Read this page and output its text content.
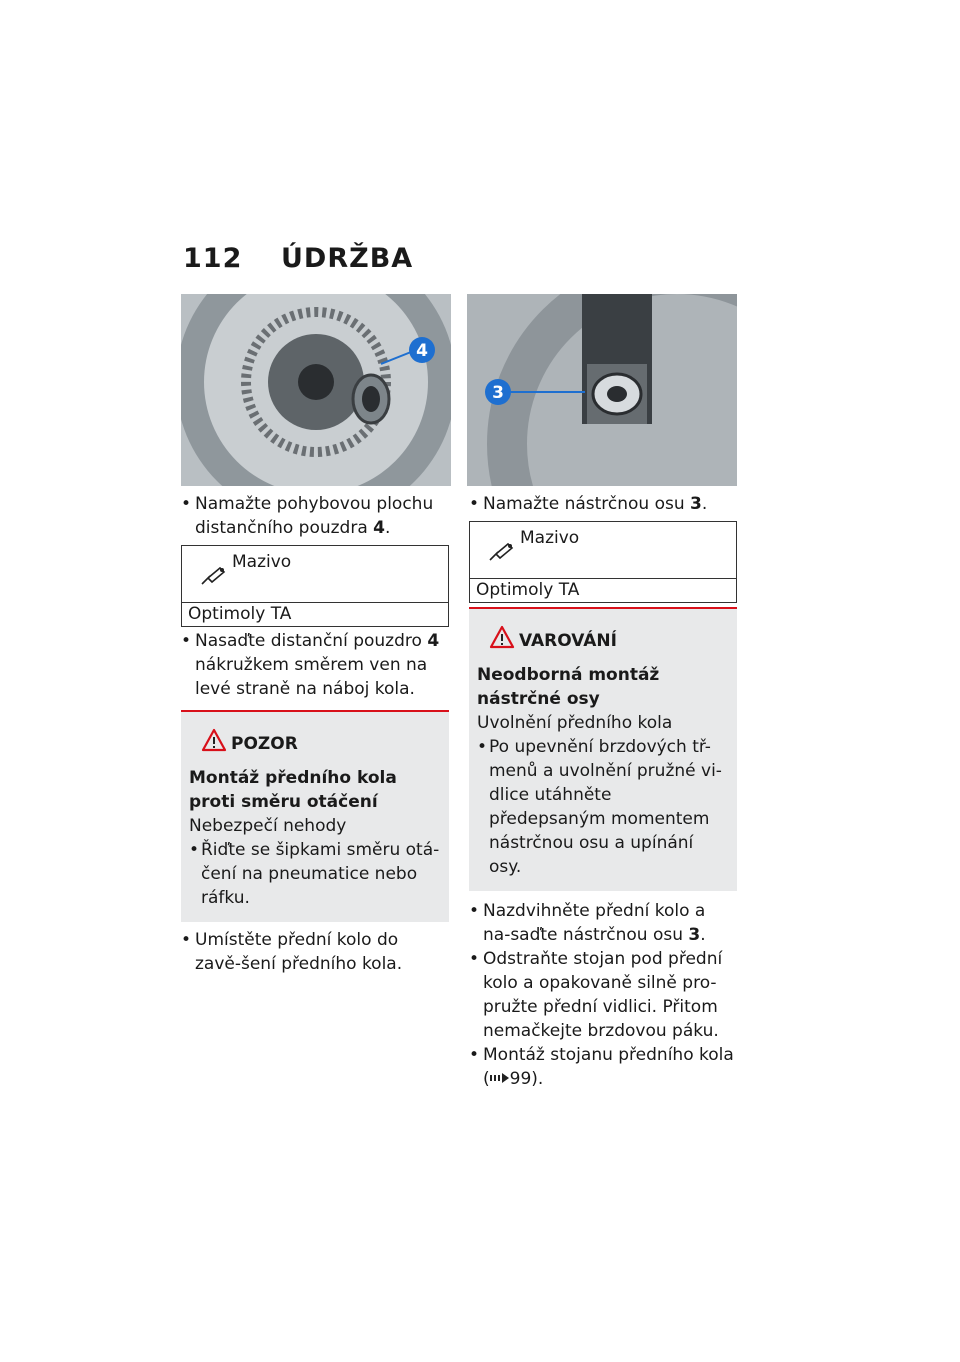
112 ÚDRŽBA
4
3
• Namažte pohybovou plochu distančního pouzdra 4.
Mazivo
Optimoly TA
• Nasaďte distanční pouzdro 4 nákružkem směrem ven na levé straně na náboj kola.
POZOR
Montáž předního kola proti směru otáčení
Nebezpečí nehody
• Řiďte se šipkami směru otá-čení na pneumatice nebo ráfku.
• Umístěte přední kolo do zavě-šení předního kola.
• Namažte nástrčnou osu 3.
Mazivo
Optimoly TA
VAROVÁNÍ
Neodborná montáž nástrčné osy
Uvolnění předního kola
• Po upevnění brzdových tř-menů a uvolnění pružné vi-dlice utáhněte předepsaným momentem nástrčnou osu a upínání osy.
• Nazdvihněte přední kolo a na-saďte nástrčnou osu 3.
• Odstraňte stojan pod přední kolo a opakovaně silně pro-pružte přední vidlici. Přitom nemačkejte brzdovou páku.
• Montáž stojanu předního kola ( 99).
